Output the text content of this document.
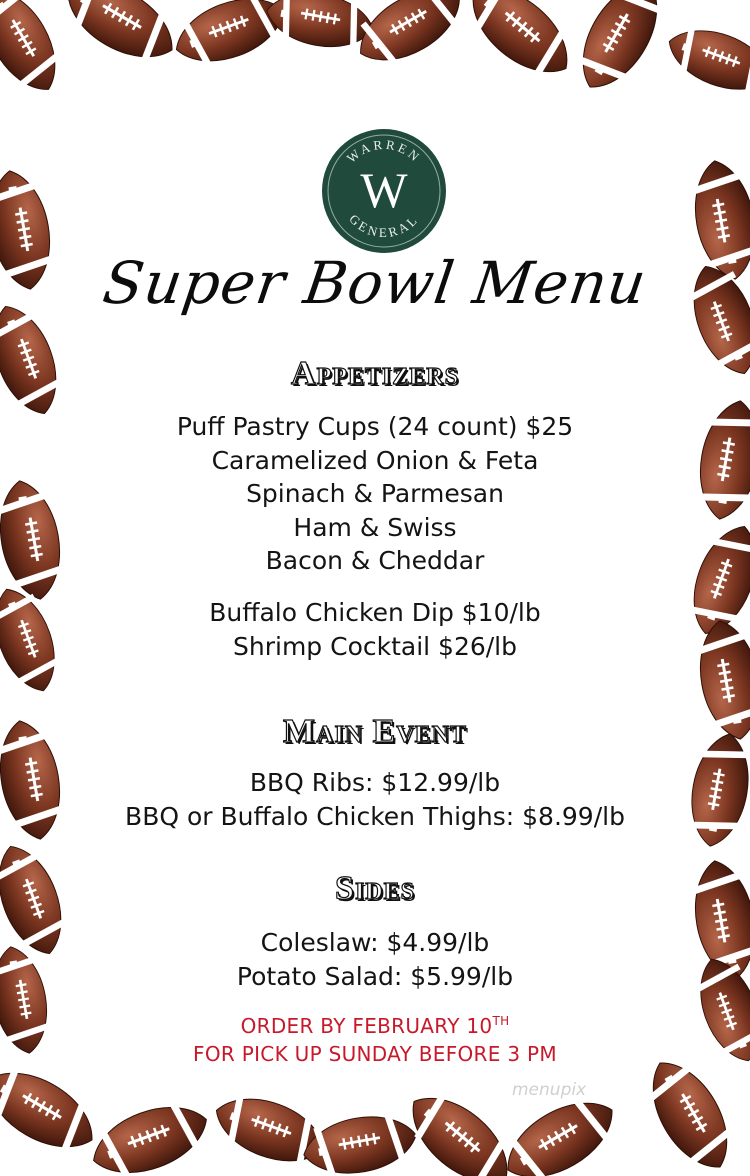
WARREN
W
GENERAL
Super Bowl Menu
Appetizers
Puff Pastry Cups (24 count) $25
Caramelized Onion & Feta
Spinach & Parmesan
Ham & Swiss
Bacon & Cheddar
Buffalo Chicken Dip $10/lb
Shrimp Cocktail $26/lb
Main Event
BBQ Ribs: $12.99/lb
BBQ or Buffalo Chicken Thighs: $8.99/lb
Sides
Coleslaw: $4.99/lb
Potato Salad: $5.99/lb
ORDER BY FEBRUARY 10TH
FOR PICK UP SUNDAY BEFORE 3 PM
menupix
